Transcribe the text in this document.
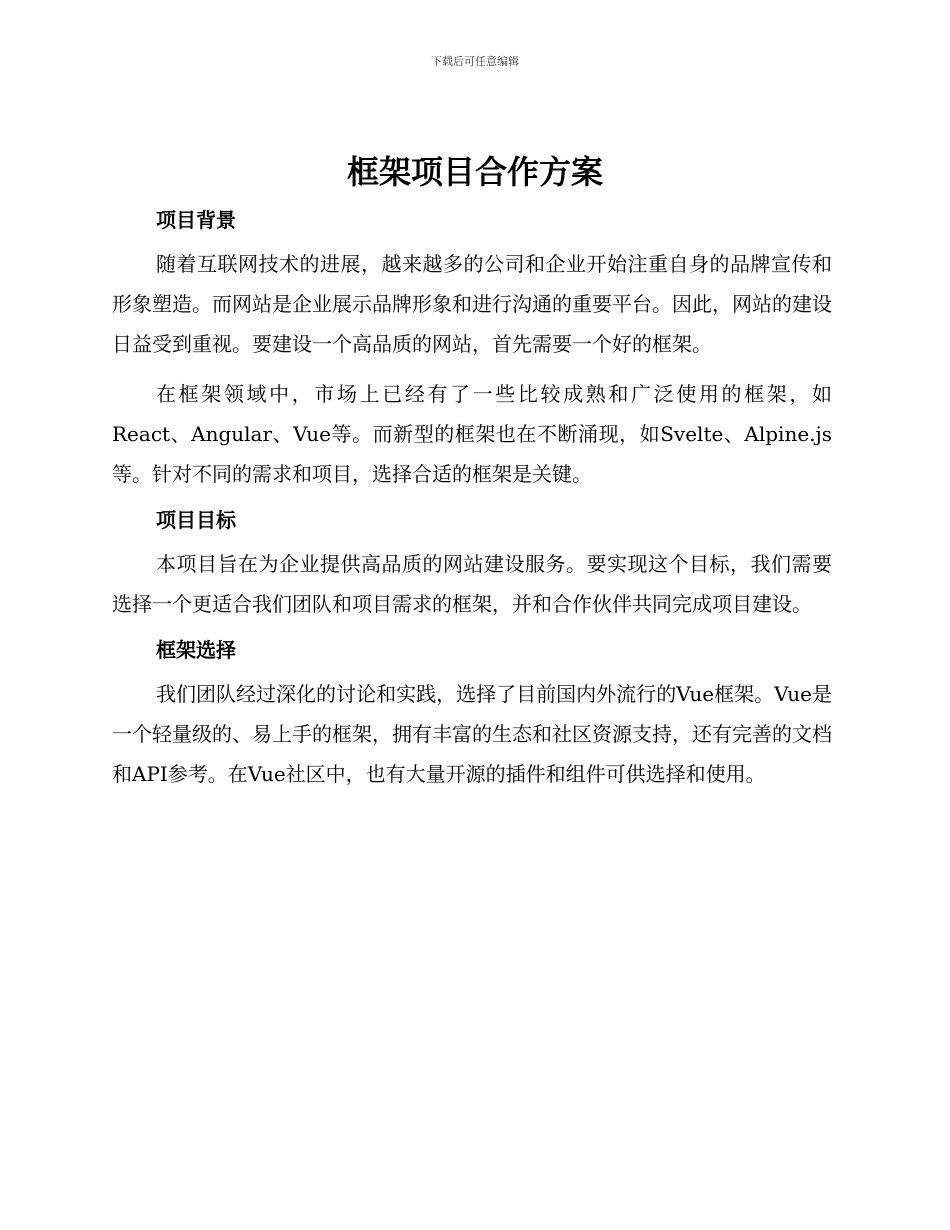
下载后可任意编辑
框架项目合作方案
项目背景

随着互联网技术的进展，越来越多的公司和企业开始注重自身的品牌宣传和形象塑造。而网站是企业展示品牌形象和进行沟通的重要平台。因此，网站的建设日益受到重视。要建设一个高品质的网站，首先需要一个好的框架。

在框架领域中，市场上已经有了一些比较成熟和广泛使用的框架，如React、Angular、Vue等。而新型的框架也在不断涌现，如Svelte、Alpine.js等。针对不同的需求和项目，选择合适的框架是关键。

项目目标

本项目旨在为企业提供高品质的网站建设服务。要实现这个目标，我们需要选择一个更适合我们团队和项目需求的框架，并和合作伙伴共同完成项目建设。

框架选择

我们团队经过深化的讨论和实践，选择了目前国内外流行的Vue框架。Vue是一个轻量级的、易上手的框架，拥有丰富的生态和社区资源支持，还有完善的文档和API参考。在Vue社区中，也有大量开源的插件和组件可供选择和使用。
